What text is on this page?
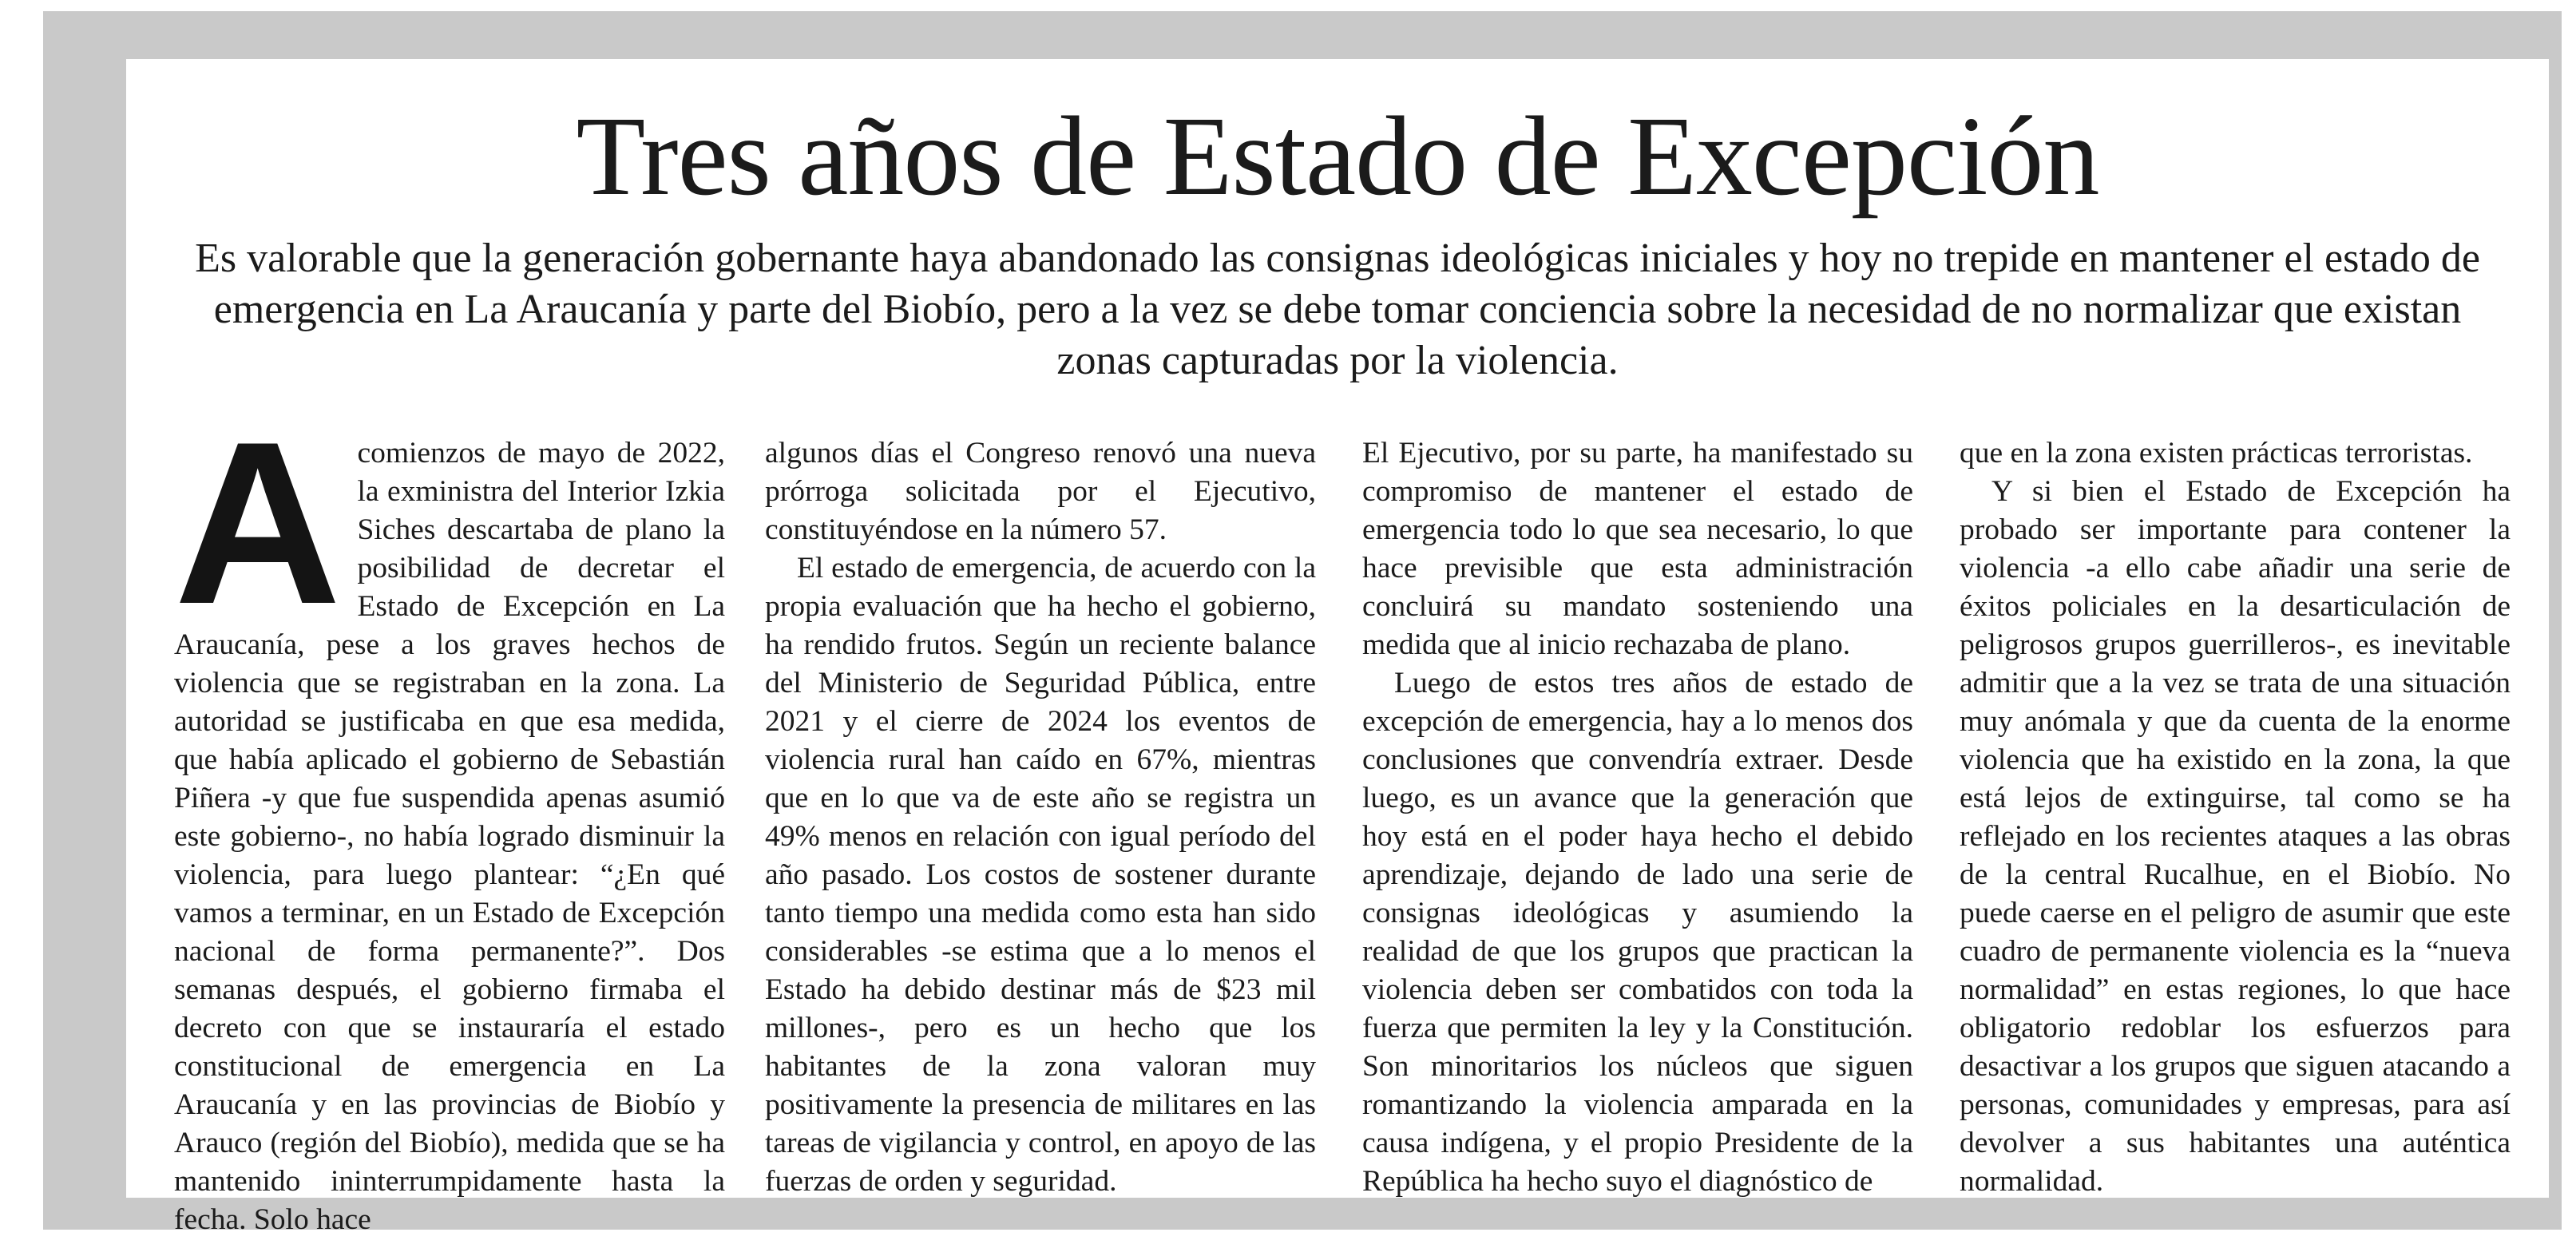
Tres años de Estado de Excepción

Es valorable que la generación gobernante haya abandonado las consignas ideológicas iniciales y hoy no trepide en mantener el estado de emergencia en La Araucanía y parte del Biobío, pero a la vez se debe tomar conciencia sobre la necesidad de no normalizar que existan zonas capturadas por la violencia.

A comienzos de mayo de 2022, la exministra del Interior Izkia Siches descartaba de plano la posibilidad de decretar el Estado de Excepción en La Araucanía, pese a los graves hechos de violencia que se registraban en la zona. La autoridad se justificaba en que esa medida, que había aplicado el gobierno de Sebastián Piñera -y que fue suspendida apenas asumió este gobierno-, no había logrado disminuir la violencia, para luego plantear: “¿En qué vamos a terminar, en un Estado de Excepción nacional de forma permanente?”. Dos semanas después, el gobierno firmaba el decreto con que se instauraría el estado constitucional de emergencia en La Araucanía y en las provincias de Biobío y Arauco (región del Biobío), medida que se ha mantenido ininterrumpidamente hasta la fecha. Solo hace

algunos días el Congreso renovó una nueva prórroga solicitada por el Ejecutivo, constituyéndose en la número 57.

El estado de emergencia, de acuerdo con la propia evaluación que ha hecho el gobierno, ha rendido frutos. Según un reciente balance del Ministerio de Seguridad Pública, entre 2021 y el cierre de 2024 los eventos de violencia rural han caído en 67%, mientras que en lo que va de este año se registra un 49% menos en relación con igual período del año pasado. Los costos de sostener durante tanto tiempo una medida como esta han sido considerables -se estima que a lo menos el Estado ha debido destinar más de $23 mil millones-, pero es un hecho que los habitantes de la zona valoran muy positivamente la presencia de militares en las tareas de vigilancia y control, en apoyo de las fuerzas de orden y seguridad.

El Ejecutivo, por su parte, ha manifestado su compromiso de mantener el estado de emergencia todo lo que sea necesario, lo que hace previsible que esta administración concluirá su mandato sosteniendo una medida que al inicio rechazaba de plano.

Luego de estos tres años de estado de excepción de emergencia, hay a lo menos dos conclusiones que convendría extraer. Desde luego, es un avance que la generación que hoy está en el poder haya hecho el debido aprendizaje, dejando de lado una serie de consignas ideológicas y asumiendo la realidad de que los grupos que practican la violencia deben ser combatidos con toda la fuerza que permiten la ley y la Constitución. Son minoritarios los núcleos que siguen romantizando la violencia amparada en la causa indígena, y el propio Presidente de la República ha hecho suyo el diagnóstico de

que en la zona existen prácticas terroristas.

Y si bien el Estado de Excepción ha probado ser importante para contener la violencia -a ello cabe añadir una serie de éxitos policiales en la desarticulación de peligrosos grupos guerrilleros-, es inevitable admitir que a la vez se trata de una situación muy anómala y que da cuenta de la enorme violencia que ha existido en la zona, la que está lejos de extinguirse, tal como se ha reflejado en los recientes ataques a las obras de la central Rucalhue, en el Biobío. No puede caerse en el peligro de asumir que este cuadro de permanente violencia es la “nueva normalidad” en estas regiones, lo que hace obligatorio redoblar los esfuerzos para desactivar a los grupos que siguen atacando a personas, comunidades y empresas, para así devolver a sus habitantes una auténtica normalidad.
